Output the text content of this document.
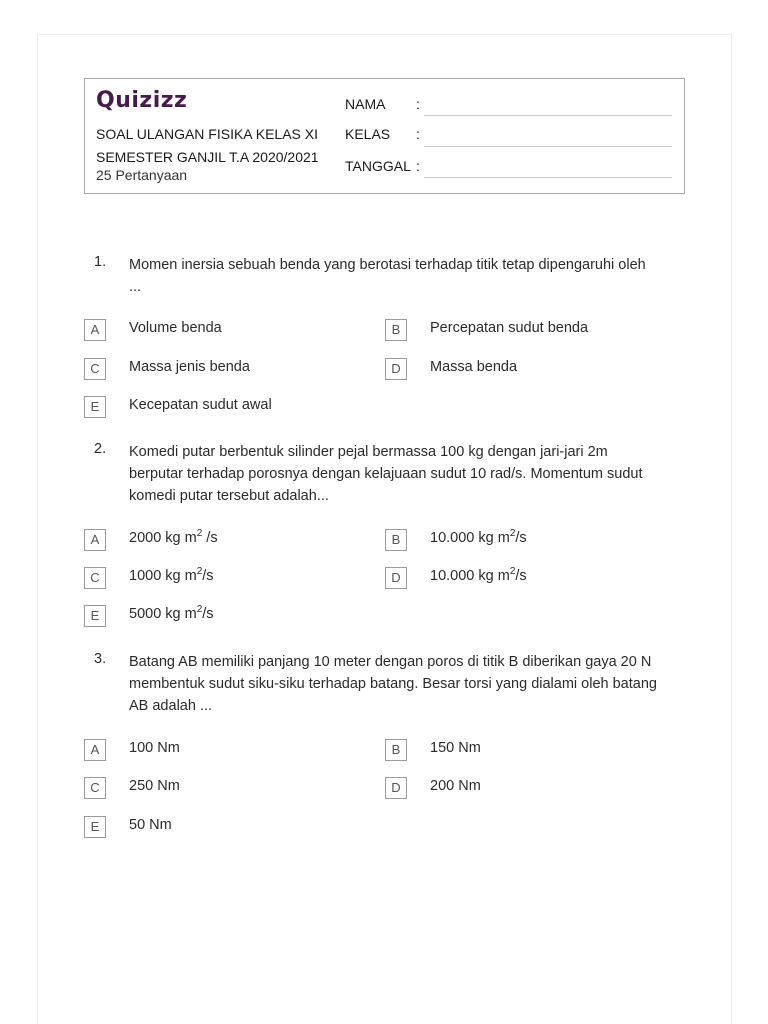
Quizizz
SOAL ULANGAN FISIKA KELAS XI
SEMESTER GANJIL T.A 2020/2021
25 Pertanyaan
NAMA :
KELAS :
TANGGAL :
1. Momen inersia sebuah benda yang berotasi terhadap titik tetap dipengaruhi oleh

...

A	Volume benda	B	Percepatan sudut benda
C	Massa jenis benda	D	Massa benda
E	Kecepatan sudut awal
2. Komedi putar berbentuk silinder pejal bermassa 100 kg dengan jari-jari 2m

berputar terhadap porosnya dengan kelajuaan sudut 10 rad/s. Momentum sudut

komedi putar tersebut adalah...

A	2000 kg $m^2$ /s	B	10.000 kg $m^2/s$
C	1000 kg $m^2/s$	D	10.000 kg $m^2/s$
E	5000 kg $m^2/s$
3. Batang AB memiliki panjang 10 meter dengan poros di titik B diberikan gaya 20 N

membentuk sudut siku-siku terhadap batang. Besar torsi yang dialami oleh batang

AB adalah ...

A	100 Nm	B	150 Nm
C	250 Nm	D	200 Nm
E	50 Nm
